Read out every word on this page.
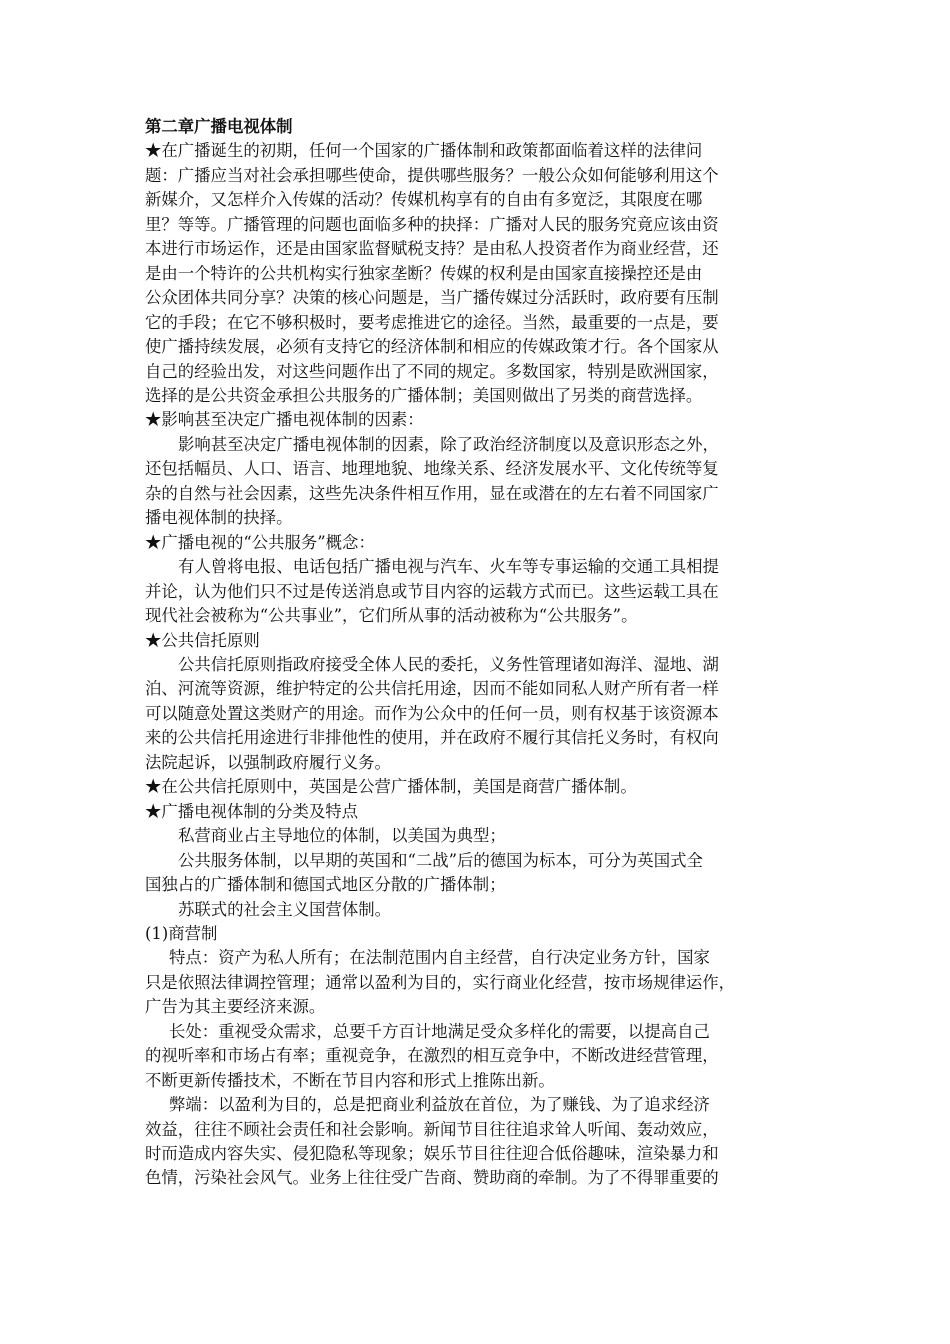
第二章广播电视体制
★在广播诞生的初期，任何一个国家的广播体制和政策都面临着这样的法律问
题：广播应当对社会承担哪些使命，提供哪些服务？一般公众如何能够利用这个
新媒介，又怎样介入传媒的活动？传媒机构享有的自由有多宽泛，其限度在哪
里？等等。广播管理的问题也面临多种的抉择：广播对人民的服务究竟应该由资
本进行市场运作，还是由国家监督赋税支持？是由私人投资者作为商业经营，还
是由一个特许的公共机构实行独家垄断？传媒的权利是由国家直接操控还是由
公众团体共同分享？决策的核心问题是，当广播传媒过分活跃时，政府要有压制
它的手段；在它不够积极时，要考虑推进它的途径。当然，最重要的一点是，要
使广播持续发展，必须有支持它的经济体制和相应的传媒政策才行。各个国家从
自己的经验出发，对这些问题作出了不同的规定。多数国家，特别是欧洲国家，
选择的是公共资金承担公共服务的广播体制；美国则做出了另类的商营选择。
★影响甚至决定广播电视体制的因素：
影响甚至决定广播电视体制的因素，除了政治经济制度以及意识形态之外，
还包括幅员、人口、语言、地理地貌、地缘关系、经济发展水平、文化传统等复
杂的自然与社会因素，这些先决条件相互作用，显在或潜在的左右着不同国家广
播电视体制的抉择。
★广播电视的“公共服务”概念：
有人曾将电报、电话包括广播电视与汽车、火车等专事运输的交通工具相提
并论，认为他们只不过是传送消息或节目内容的运载方式而已。这些运载工具在
现代社会被称为“公共事业”，它们所从事的活动被称为“公共服务”。
★公共信托原则
公共信托原则指政府接受全体人民的委托，义务性管理诸如海洋、湿地、湖
泊、河流等资源，维护特定的公共信托用途，因而不能如同私人财产所有者一样
可以随意处置这类财产的用途。而作为公众中的任何一员，则有权基于该资源本
来的公共信托用途进行非排他性的使用，并在政府不履行其信托义务时，有权向
法院起诉，以强制政府履行义务。
★在公共信托原则中，英国是公营广播体制，美国是商营广播体制。
★广播电视体制的分类及特点
私营商业占主导地位的体制，以美国为典型；
公共服务体制，以早期的英国和“二战”后的德国为标本，可分为英国式全
国独占的广播体制和德国式地区分散的广播体制；
苏联式的社会主义国营体制。
(1)商营制
特点：资产为私人所有；在法制范围内自主经营，自行决定业务方针，国家
只是依照法律调控管理；通常以盈利为目的，实行商业化经营，按市场规律运作，
广告为其主要经济来源。
长处：重视受众需求，总要千方百计地满足受众多样化的需要，以提高自己
的视听率和市场占有率；重视竞争，在激烈的相互竞争中，不断改进经营管理，
不断更新传播技术，不断在节目内容和形式上推陈出新。
弊端：以盈利为目的，总是把商业利益放在首位，为了赚钱、为了追求经济
效益，往往不顾社会责任和社会影响。新闻节目往往追求耸人听闻、轰动效应，
时而造成内容失实、侵犯隐私等现象；娱乐节目往往迎合低俗趣味，渲染暴力和
色情，污染社会风气。业务上往往受广告商、赞助商的牵制。为了不得罪重要的
